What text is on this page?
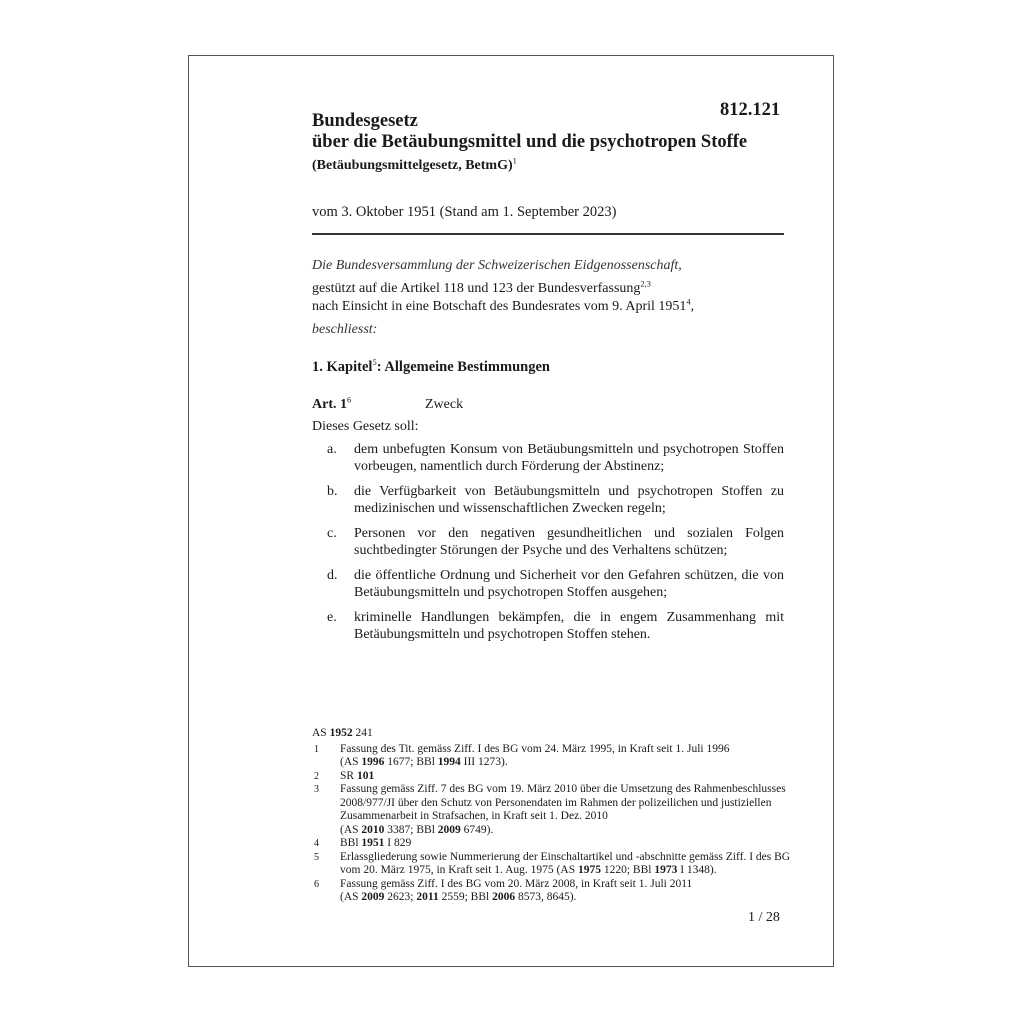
812.121
Bundesgesetz
über die Betäubungsmittel und die psychotropen Stoffe
(Betäubungsmittelgesetz, BetmG)$^1$
vom 3. Oktober 1951 (Stand am 1. September 2023)
Die Bundesversammlung der Schweizerischen Eidgenossenschaft,
gestützt auf die Artikel 118 und 123 der Bundesverfassung$^{2,3}$
nach Einsicht in eine Botschaft des Bundesrates vom 9. April 1951$^4$,
beschliesst:
1. Kapitel$^5$: Allgemeine Bestimmungen
Art. $1^6$	Zweck
Dieses Gesetz soll:
a.	dem unbefugten Konsum von Betäubungsmitteln und psychotropen Stoffen vorbeugen, namentlich durch Förderung der Abstinenz;
b.	die Verfügbarkeit von Betäubungsmitteln und psychotropen Stoffen zu medizinischen und wissenschaftlichen Zwecken regeln;
c.	Personen vor den negativen gesundheitlichen und sozialen Folgen suchtbedingter Störungen der Psyche und des Verhaltens schützen;
d.	die öffentliche Ordnung und Sicherheit vor den Gefahren schützen, die von Betäubungsmitteln und psychotropen Stoffen ausgehen;
e.	kriminelle Handlungen bekämpfen, die in engem Zusammenhang mit Betäubungsmitteln und psychotropen Stoffen stehen.
AS 1952 241
1	Fassung des Tit. gemäss Ziff. I des BG vom 24. März 1995, in Kraft seit 1. Juli 1996
(AS 1996 1677; BBl 1994 III 1273).
2	SR 101
3	Fassung gemäss Ziff. 7 des BG vom 19. März 2010 über die Umsetzung des Rahmenbeschlusses 2008/977/JI über den Schutz von Personendaten im Rahmen der polizeilichen und justiziellen Zusammenarbeit in Strafsachen, in Kraft seit 1. Dez. 2010
(AS 2010 3387; BBl 2009 6749).
4	BBl 1951 I 829
5	Erlassgliederung sowie Nummerierung der Einschaltartikel und -abschnitte gemäss Ziff. I des BG vom 20. März 1975, in Kraft seit 1. Aug. 1975 (AS 1975 1220; BBl 1973 I 1348).
6	Fassung gemäss Ziff. I des BG vom 20. März 2008, in Kraft seit 1. Juli 2011
(AS 2009 2623; 2011 2559; BBl 2006 8573, 8645).
1 / 28
